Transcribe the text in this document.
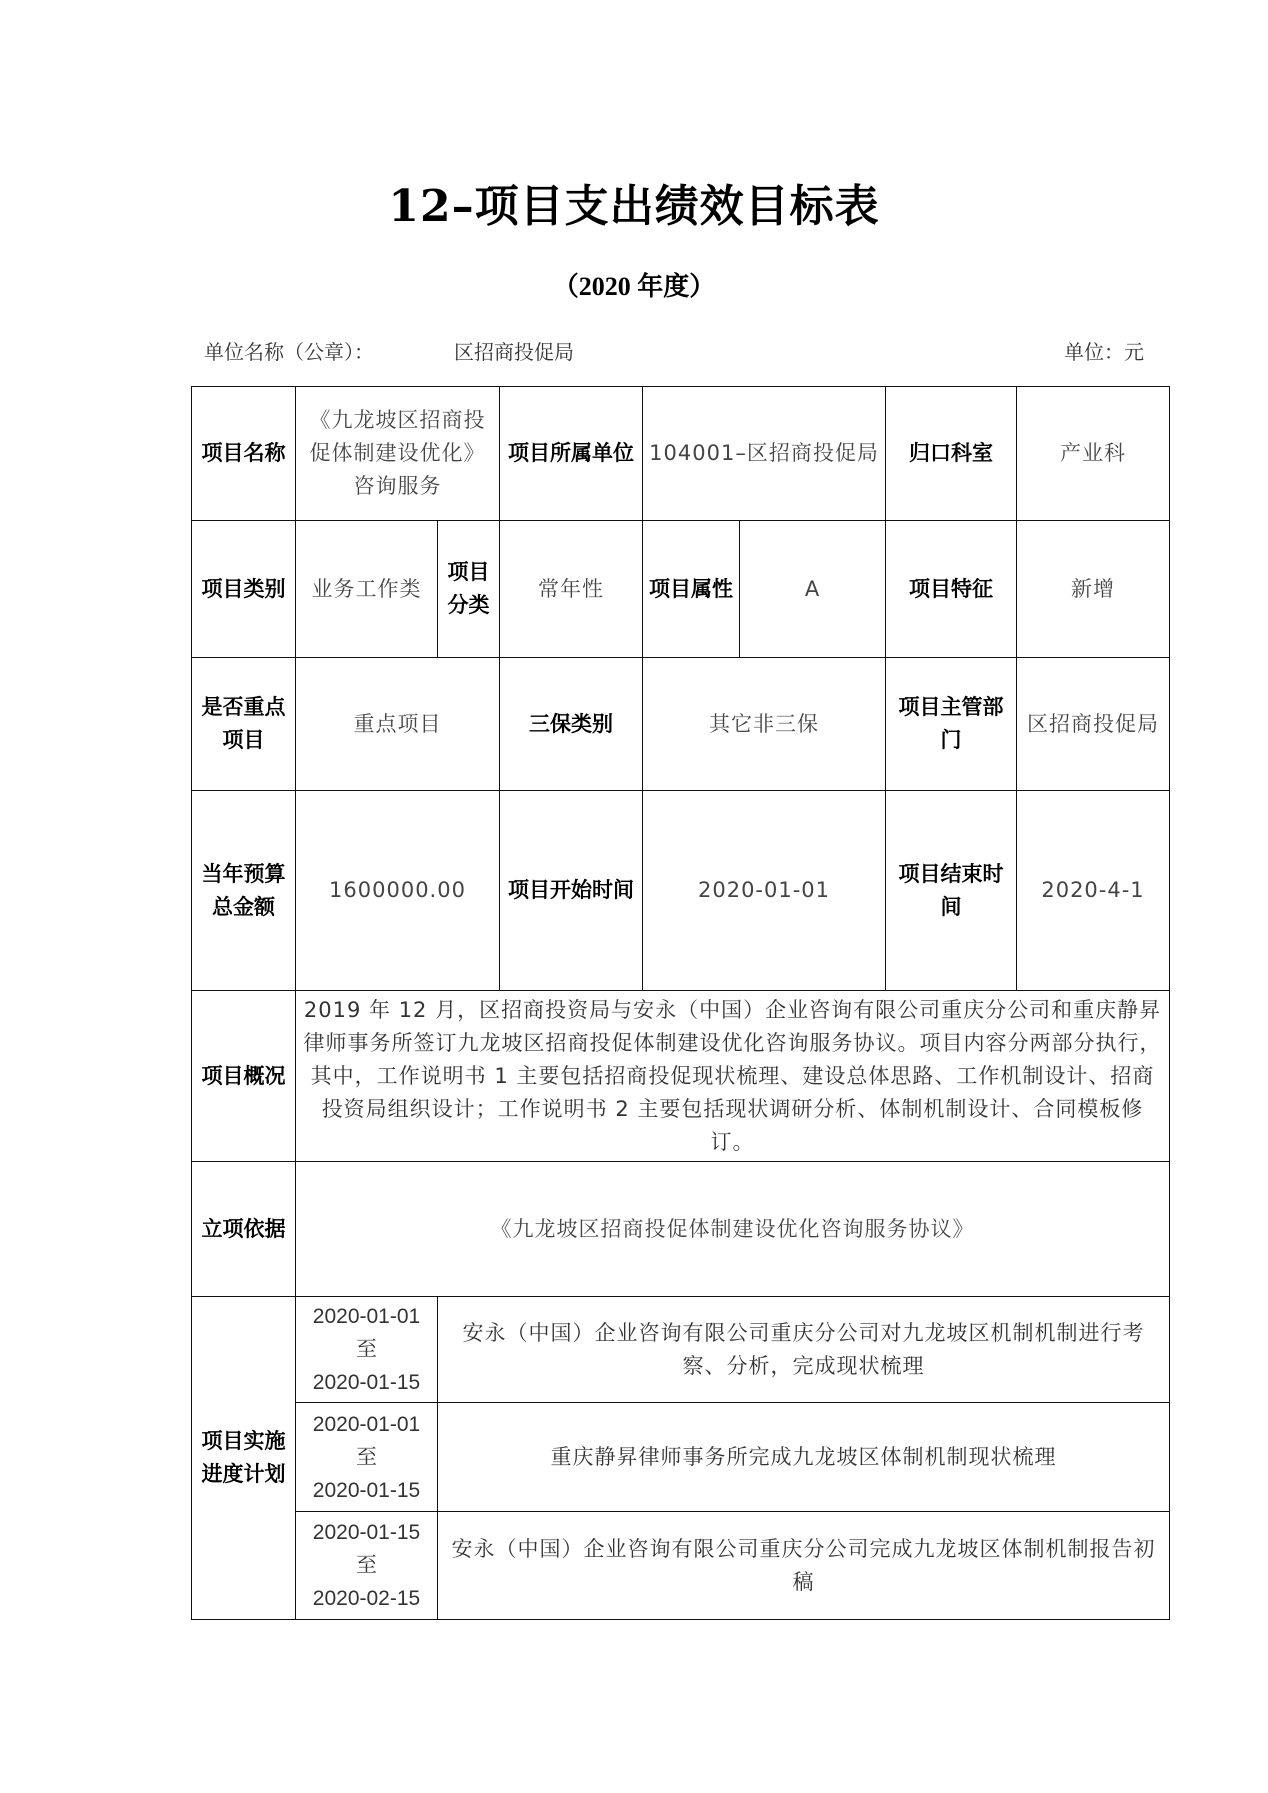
12–项目支出绩效目标表
（2020 年度）
单位名称（公章）：	区招商投促局	单位：元
项目名称	《九龙坡区招商投促体制建设优化》咨询服务		项目所属单位	104001–区招商投促局		归口科室	产业科
项目类别	业务工作类	项目分类	常年性	项目属性	A	项目特征	新增
是否重点项目	重点项目		三保类别	其它非三保		项目主管部门	区招商投促局
当年预算总金额	1600000.00		项目开始时间	2020-01-01		项目结束时间	2020-4-1
项目概况	2019 年 12 月，区招商投资局与安永（中国）企业咨询有限公司重庆分公司和重庆静昇律师事务所签订九龙坡区招商投促体制建设优化咨询服务协议。项目内容分两部分执行，其中，工作说明书 1 主要包括招商投促现状梳理、建设总体思路、工作机制设计、招商投资局组织设计；工作说明书 2 主要包括现状调研分析、体制机制设计、合同模板修订。						
立项依据	《九龙坡区招商投促体制建设优化咨询服务协议》						
项目实施进度计划	2020-01-01
至
2020-01-15	安永（中国）企业咨询有限公司重庆分公司对九龙坡区机制机制进行考察、分析，完成现状梳理					

	2020-01-01
至
2020-01-15	重庆静昇律师事务所完成九龙坡区体制机制现状梳理					

	2020-01-15
至
2020-02-15	安永（中国）企业咨询有限公司重庆分公司完成九龙坡区体制机制报告初稿					
